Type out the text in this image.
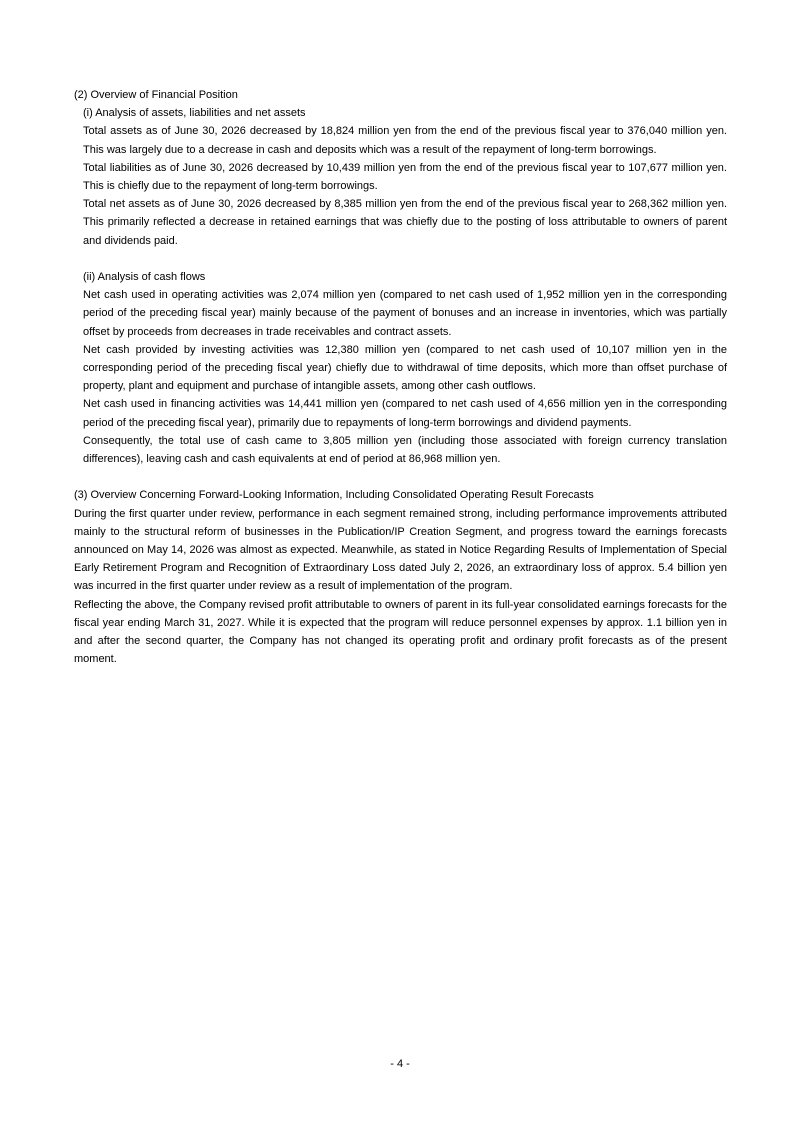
(2) Overview of Financial Position

(i) Analysis of assets, liabilities and net assets

Total assets as of June 30, 2026 decreased by 18,824 million yen from the end of the previous fiscal year to 376,040 million yen. This was largely due to a decrease in cash and deposits which was a result of the repayment of long-term borrowings.

Total liabilities as of June 30, 2026 decreased by 10,439 million yen from the end of the previous fiscal year to 107,677 million yen. This is chiefly due to the repayment of long-term borrowings.

Total net assets as of June 30, 2026 decreased by 8,385 million yen from the end of the previous fiscal year to 268,362 million yen. This primarily reflected a decrease in retained earnings that was chiefly due to the posting of loss attributable to owners of parent and dividends paid.

(ii) Analysis of cash flows

Net cash used in operating activities was 2,074 million yen (compared to net cash used of 1,952 million yen in the corresponding period of the preceding fiscal year) mainly because of the payment of bonuses and an increase in inventories, which was partially offset by proceeds from decreases in trade receivables and contract assets.

Net cash provided by investing activities was 12,380 million yen (compared to net cash used of 10,107 million yen in the corresponding period of the preceding fiscal year) chiefly due to withdrawal of time deposits, which more than offset purchase of property, plant and equipment and purchase of intangible assets, among other cash outflows.

Net cash used in financing activities was 14,441 million yen (compared to net cash used of 4,656 million yen in the corresponding period of the preceding fiscal year), primarily due to repayments of long-term borrowings and dividend payments.

Consequently, the total use of cash came to 3,805 million yen (including those associated with foreign currency translation differences), leaving cash and cash equivalents at end of period at 86,968 million yen.

(3) Overview Concerning Forward-Looking Information, Including Consolidated Operating Result Forecasts

During the first quarter under review, performance in each segment remained strong, including performance improvements attributed mainly to the structural reform of businesses in the Publication/IP Creation Segment, and progress toward the earnings forecasts announced on May 14, 2026 was almost as expected. Meanwhile, as stated in Notice Regarding Results of Implementation of Special Early Retirement Program and Recognition of Extraordinary Loss dated July 2, 2026, an extraordinary loss of approx. 5.4 billion yen was incurred in the first quarter under review as a result of implementation of the program.

Reflecting the above, the Company revised profit attributable to owners of parent in its full-year consolidated earnings forecasts for the fiscal year ending March 31, 2027. While it is expected that the program will reduce personnel expenses by approx. 1.1 billion yen in and after the second quarter, the Company has not changed its operating profit and ordinary profit forecasts as of the present moment.

- 4 -
